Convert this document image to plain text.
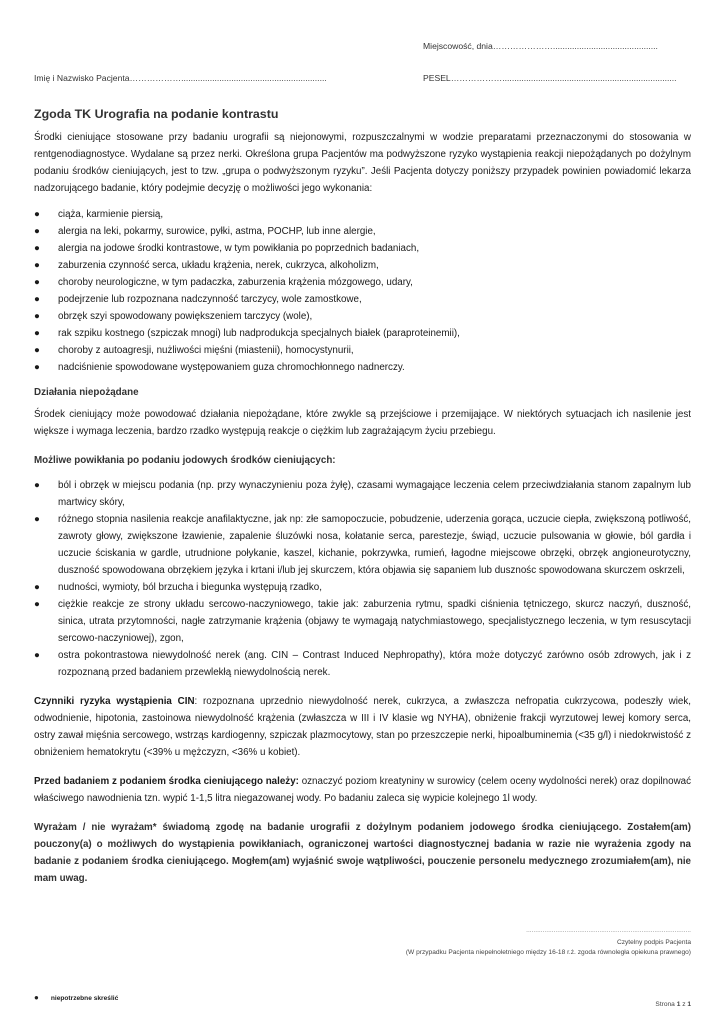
Miejscowość, dnia…………………............................................
Imię i Nazwisko Pacjenta……………….............................................................	PESEL……………….........................................................................
Zgoda TK Urografia na podanie kontrastu

Środki cieniujące stosowane przy badaniu urografii są niejonowymi, rozpuszczalnymi w wodzie preparatami przeznaczonymi do stosowania w rentgenodiagnostyce. Wydalane są przez nerki. Określona grupa Pacjentów ma podwyższone ryzyko wystąpienia reakcji niepożądanych po dożylnym podaniu środków cieniujących, jest to tzw. „grupa o podwyższonym ryzyku”. Jeśli Pacjenta dotyczy poniższy przypadek powinien powiadomić lekarza nadzorującego badanie, który podejmie decyzję o możliwości jego wykonania:

● ciąża, karmienie piersią,
● alergia na leki, pokarmy, surowice, pyłki, astma, POCHP, lub inne alergie,
● alergia na jodowe środki kontrastowe, w tym powikłania po poprzednich badaniach,
● zaburzenia czynność serca, układu krążenia, nerek, cukrzyca, alkoholizm,
● choroby neurologiczne, w tym padaczka, zaburzenia krążenia mózgowego, udary,
● podejrzenie lub rozpoznana nadczynność tarczycy, wole zamostkowe,
● obrzęk szyi spowodowany powiększeniem tarczycy (wole),
● rak szpiku kostnego (szpiczak mnogi) lub nadprodukcja specjalnych białek (paraproteinemii),
● choroby z autoagresji, nużliwości mięśni (miastenii), homocystynurii,
● nadciśnienie spowodowane występowaniem guza chromochłonnego nadnerczy.

Działania niepożądane

Środek cieniujący może powodować działania niepożądane, które zwykle są przejściowe i przemijające. W niektórych sytuacjach ich nasilenie jest większe i wymaga leczenia, bardzo rzadko występują reakcje o ciężkim lub zagrażającym życiu przebiegu.

Możliwe powikłania po podaniu jodowych środków cieniujących:

● ból i obrzęk w miejscu podania (np. przy wynaczynieniu poza żyłę), czasami wymagające leczenia celem przeciwdziałania stanom zapalnym lub martwicy skóry,
● różnego stopnia nasilenia reakcje anafilaktyczne, jak np: złe samopoczucie, pobudzenie, uderzenia gorąca, uczucie ciepła, zwiększoną potliwość, zawroty głowy, zwiększone łzawienie, zapalenie śluzówki nosa, kołatanie serca, parestezje, świąd, uczucie pulsowania w głowie, ból gardła i uczucie ściskania w gardle, utrudnione połykanie, kaszel, kichanie, pokrzywka, rumień, łagodne miejscowe obrzęki, obrzęk angioneurotyczny, duszność spowodowana obrzękiem języka i krtani i/lub jej skurczem, która objawia się sapaniem lub dusznośc spowodowana skurczem oskrzeli,
● nudności, wymioty, ból brzucha i biegunka występują rzadko,
● ciężkie reakcje ze strony układu sercowo-naczyniowego, takie jak: zaburzenia rytmu, spadki ciśnienia tętniczego, skurcz naczyń, duszność, sinica, utrata przytomności, nagłe zatrzymanie krążenia (objawy te wymagają natychmiastowego, specjalistycznego leczenia, w tym resuscytacji sercowo-naczyniowej), zgon,
● ostra pokontrastowa niewydolność nerek (ang. CIN – Contrast Induced Nephropathy), która może dotyczyć zarówno osób zdrowych, jak i z rozpoznaną przed badaniem przewlekłą niewydolnością nerek.

Czynniki ryzyka wystąpienia CIN: rozpoznana uprzednio niewydolność nerek, cukrzyca, a zwłaszcza nefropatia cukrzycowa, podeszły wiek, odwodnienie, hipotonia, zastoinowa niewydolność krążenia (zwłaszcza w III i IV klasie wg NYHA), obniżenie frakcji wyrzutowej lewej komory serca, ostry zawał mięśnia sercowego, wstrząs kardiogenny, szpiczak plazmocytowy, stan po przeszczepie nerki, hipoalbuminemia (<35 g/l) i niedokrwistość z obniżeniem hematokrytu (<39% u mężczyzn, <36% u kobiet).

Przed badaniem z podaniem środka cieniującego należy: oznaczyć poziom kreatyniny w surowicy (celem oceny wydolności nerek) oraz dopilnować właściwego nawodnienia tzn. wypić 1-1,5 litra niegazowanej wody. Po badaniu zaleca się wypicie kolejnego 1l wody.

Wyrażam / nie wyrażam* świadomą zgodę na badanie urografii z dożylnym podaniem jodowego środka cieniującego. Zostałem(am) pouczony(a) o możliwych do wystąpienia powikłaniach, ograniczonej wartości diagnostycznej badania w razie nie wyrażenia zgody na badanie z podaniem środka cieniującego. Mogłem(am) wyjaśnić swoje wątpliwości, pouczenie personelu medycznego zrozumiałem(am), nie mam uwag.

..........................................................................................
Czytelny podpis Pacjenta
(W przypadku Pacjenta niepełnoletniego między 16-18 r.ż. zgoda równoległa opiekuna prawnego)
● niepotrzebne skreślić
Strona 1 z 1
